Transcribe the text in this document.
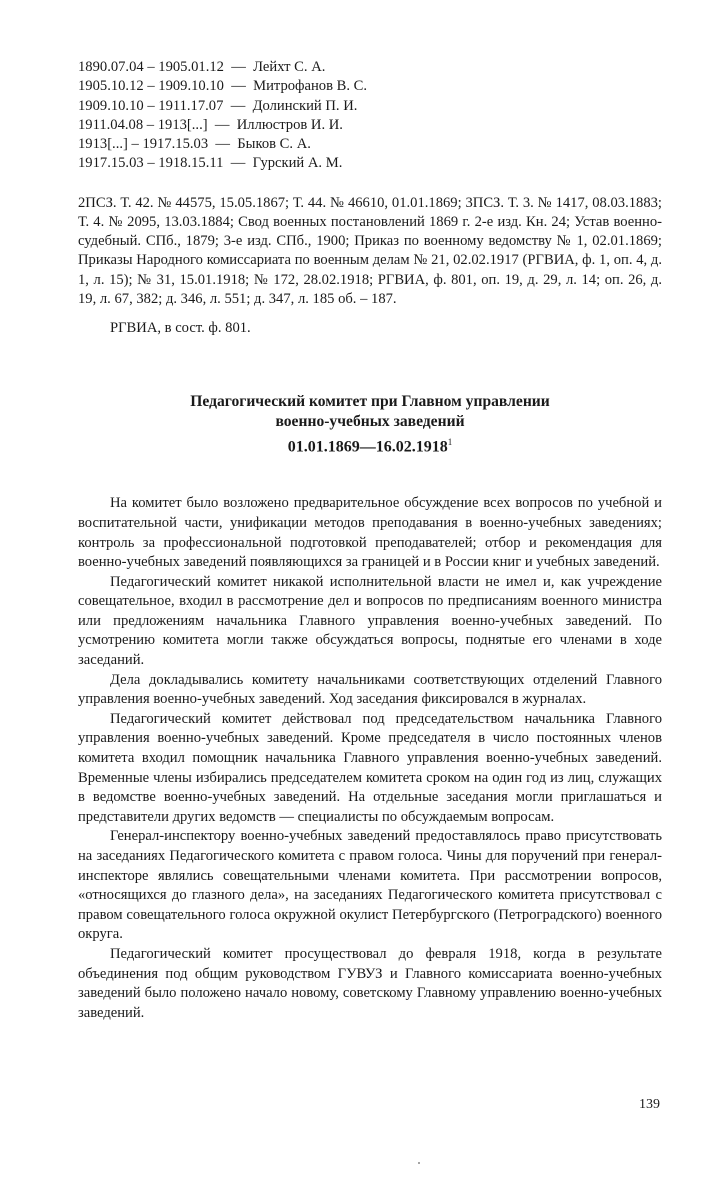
1890.07.04 – 1905.01.12  —  Лейхт С. А.
1905.10.12 – 1909.10.10  —  Митрофанов В. С.
1909.10.10 – 1911.17.07  —  Долинский П. И.
1911.04.08 – 1913[...]  —  Иллюстров И. И.
1913[...] – 1917.15.03  —  Быков С. А.
1917.15.03 – 1918.15.11  —  Гурский А. М.
2ПСЗ. Т. 42. № 44575, 15.05.1867; Т. 44. № 46610, 01.01.1869; 3ПСЗ. Т. 3. № 1417, 08.03.1883; Т. 4. № 2095, 13.03.1884; Свод военных постановлений 1869 г. 2-е изд. Кн. 24; Устав военно-судебный. СПб., 1879; 3-е изд. СПб., 1900; Приказ по военному ведомству № 1, 02.01.1869; Приказы Народного комиссариата по военным делам № 21, 02.02.1917 (РГВИА, ф. 1, оп. 4, д. 1, л. 15); № 31, 15.01.1918; № 172, 28.02.1918; РГВИА, ф. 801, оп. 19, д. 29, л. 14; оп. 26, д. 19, л. 67, 382; д. 346, л. 551; д. 347, л. 185 об. – 187.
РГВИА, в сост. ф. 801.
Педагогический комитет при Главном управлении
военно-учебных заведений
01.01.1869—16.02.1918$^1$

На комитет было возложено предварительное обсуждение всех вопросов по учебной и воспитательной части, унификации методов преподавания в военно-учебных заведениях; контроль за профессиональной подготовкой преподавателей; отбор и рекомендация для военно-учебных заведений появляющихся за границей и в России книг и учебных заведений.

Педагогический комитет никакой исполнительной власти не имел и, как учреждение совещательное, входил в рассмотрение дел и вопросов по предписаниям военного министра или предложениям начальника Главного управления военно-учебных заведений. По усмотрению комитета могли также обсуждаться вопросы, поднятые его членами в ходе заседаний.

Дела докладывались комитету начальниками соответствующих отделений Главного управления военно-учебных заведений. Ход заседания фиксировался в журналах.

Педагогический комитет действовал под председательством начальника Главного управления военно-учебных заведений. Кроме председателя в число постоянных членов комитета входил помощник начальника Главного управления военно-учебных заведений. Временные члены избирались председателем комитета сроком на один год из лиц, служащих в ведомстве военно-учебных заведений. На отдельные заседания могли приглашаться и представители других ведомств — специалисты по обсуждаемым вопросам.

Генерал-инспектору военно-учебных заведений предоставлялось право присутствовать на заседаниях Педагогического комитета с правом голоса. Чины для поручений при генерал-инспекторе являлись совещательными членами комитета. При рассмотрении вопросов, «относящихся до глазного дела», на заседаниях Педагогического комитета присутствовал с правом совещательного голоса окружной окулист Петербургского (Петроградского) военного округа.

Педагогический комитет просуществовал до февраля 1918, когда в результате объединения под общим руководством ГУВУЗ и Главного комиссариата военно-учебных заведений было положено начало новому, советскому Главному управлению военно-учебных заведений.

139
